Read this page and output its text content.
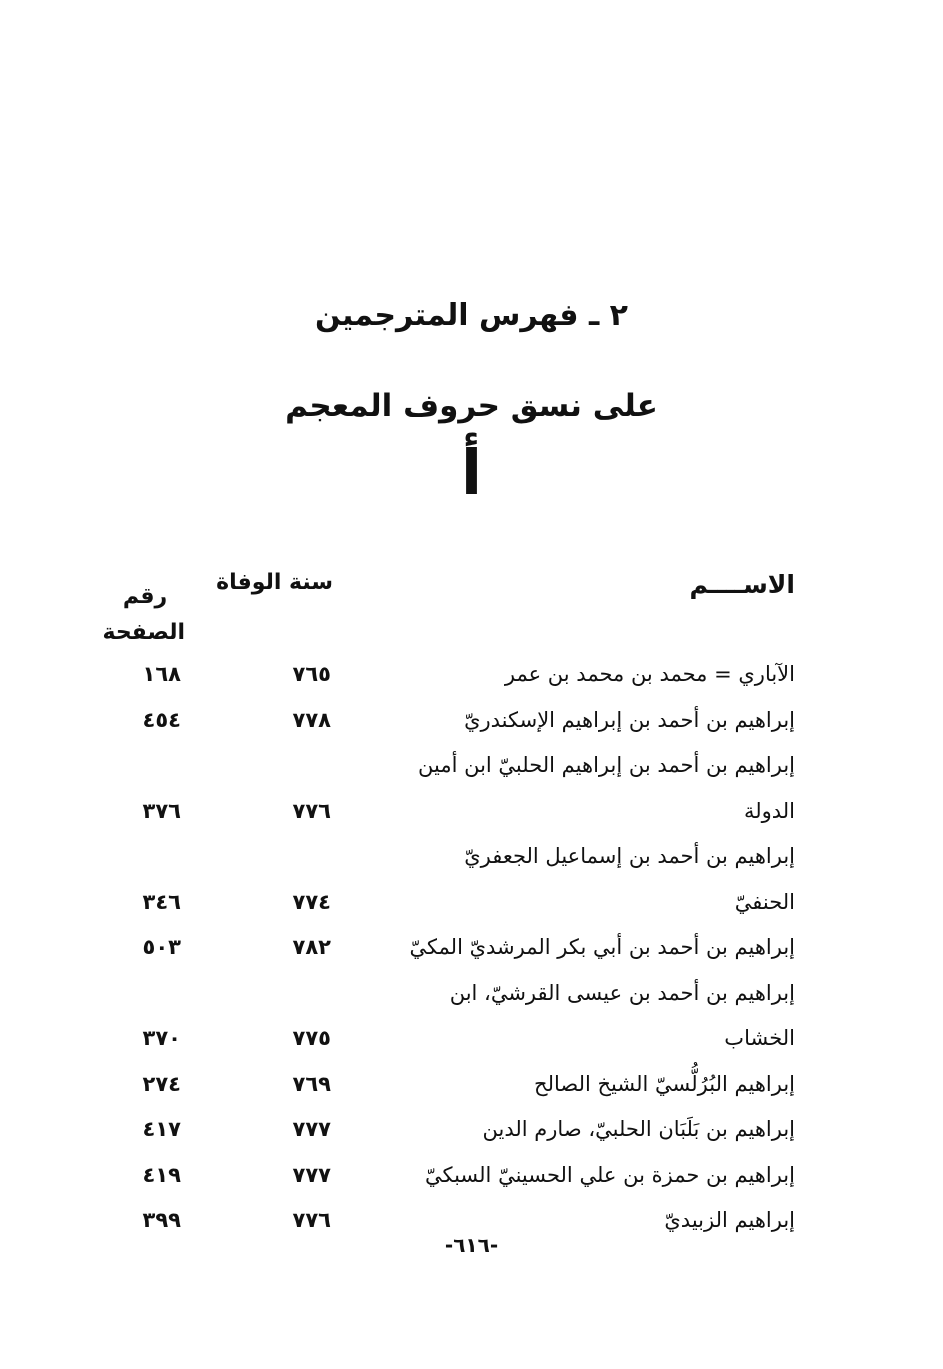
٢ ـ فهرس المترجمين
على نسق حروف المعجم
أ
الاســــم
سنة الوفاة
رقم
الصفحة
الآباري = محمد بن محمد بن عمر
٧٦٥
١٦٨
إبراهيم بن أحمد بن إبراهيم الإسكندريّ
٧٧٨
٤٥٤
إبراهيم بن أحمد بن إبراهيم الحلبيّ ابن أمين
الدولة
٧٧٦
٣٧٦
إبراهيم بن أحمد بن إسماعيل الجعفريّ
الحنفيّ
٧٧٤
٣٤٦
إبراهيم بن أحمد بن أبي بكر المرشديّ المكيّ
٧٨٢
٥٠٣
إبراهيم بن أحمد بن عيسى القرشيّ، ابن
الخشاب
٧٧٥
٣٧٠
إبراهيم البُرُلُّسيّ الشيخ الصالح
٧٦٩
٢٧٤
إبراهيم بن بَلَبَان الحلبيّ، صارم الدين
٧٧٧
٤١٧
إبراهيم بن حمزة بن علي الحسينيّ السبكيّ
٧٧٧
٤١٩
إبراهيم الزبيديّ
٧٧٦
٣٩٩
-٦١٦-
